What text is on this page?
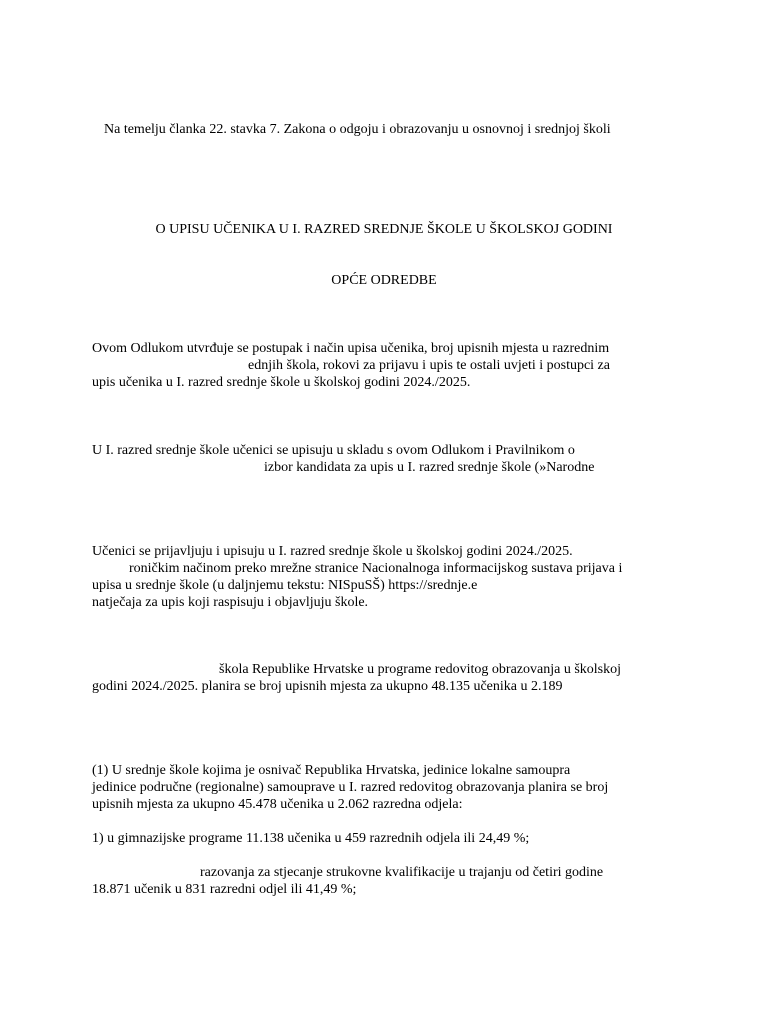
Na temelju članka 22. stavka 7. Zakona o odgoju i obrazovanju u osnovnoj i srednjoj školi
O UPISU UČENIKA U I. RAZRED SREDNJE ŠKOLE U ŠKOLSKOJ GODINI
OPĆE ODREDBE
Ovom Odlukom utvrđuje se postupak i način upisa učenika, broj upisnih mjesta u razrednim
ednjih škola, rokovi za prijavu i upis te ostali uvjeti i postupci za
upis učenika u I. razred srednje škole u školskoj godini 2024./2025.
U I. razred srednje škole učenici se upisuju u skladu s ovom Odlukom i Pravilnikom o
izbor kandidata za upis u I. razred srednje škole (»Narodne
Učenici se prijavljuju i upisuju u I. razred srednje škole u školskoj godini 2024./2025.
roničkim načinom preko mrežne stranice Nacionalnoga informacijskog sustava prijava i
upisa u srednje škole (u daljnjemu tekstu: NISpuSŠ) https://srednje.e
natječaja za upis koji raspisuju i objavljuju škole.
škola Republike Hrvatske u programe redovitog obrazovanja u školskoj
godini 2024./2025. planira se broj upisnih mjesta za ukupno 48.135 učenika u 2.189
(1) U srednje škole kojima je osnivač Republika Hrvatska, jedinice lokalne samoupra
jedinice područne (regionalne) samouprave u I. razred redovitog obrazovanja planira se broj
upisnih mjesta za ukupno 45.478 učenika u 2.062 razredna odjela:
1) u gimnazijske programe 11.138 učenika u 459 razrednih odjela ili 24,49 %;
razovanja za stjecanje strukovne kvalifikacije u trajanju od četiri godine
18.871 učenik u 831 razredni odjel ili 41,49 %;
